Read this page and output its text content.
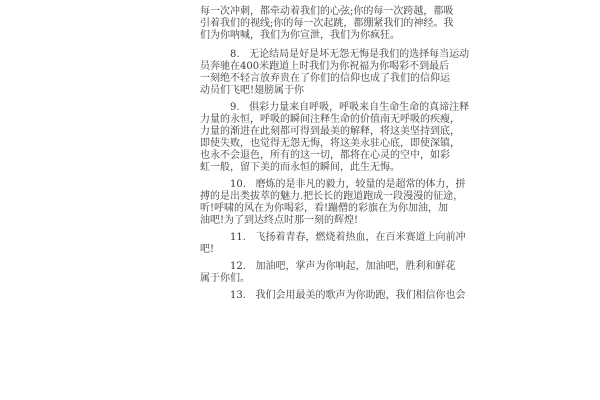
每一次冲刺，都牵动着我们的心弦;你的每一次跨越，都吸
引着我们的视线;你的每一次起跳，都绷紧我们的神经。我
们为你呐喊，我们为你宣泄，我们为你疯狂。
8. 无论结局是好是坏无怨无悔是我们的选择每当运动
员奔驰在400米跑道上时我们为你祝福为你喝彩不到最后
一刻绝不轻言放弃贵在了你们的信仰也成了我们的信仰运
动员们飞吧!翅膀属于你
9. 俱彩力量来自呼吸，呼吸来自生命生命的真谛注释
力量的永恒，呼吸的瞬间注释生命的价值南无呼吸的疾瘦，
力量的渐进在此刻都可得到最美的解释，将这美坚持到底，
即使失败，也觉得无怨无悔，将这美永驻心底，即使深镇，
也永不会退色，所有的这一切，都将在心灵的空中，如彩
虹一般，留下美的而永恒的瞬间，此生无悔。
10. 磨炼的是非凡的毅力，较量的是超常的体力，拼
搏的是出类拔萃的魅力.把长长的跑道跑成一段漫漫的征途，
听!呼啸的风在为你喝彩，看!蹦僧的彩旗在为你加油，加
油吧!为了到达终点时那一刻的辉煌!
11. 飞扬着青春，燃烧着热血，在百米赛道上向前冲
吧!
12. 加油吧，掌声为你响起，加油吧，胜利和鲜花
属于你们。
13. 我们会用最美的歌声为你助跑，我们相信你也会
